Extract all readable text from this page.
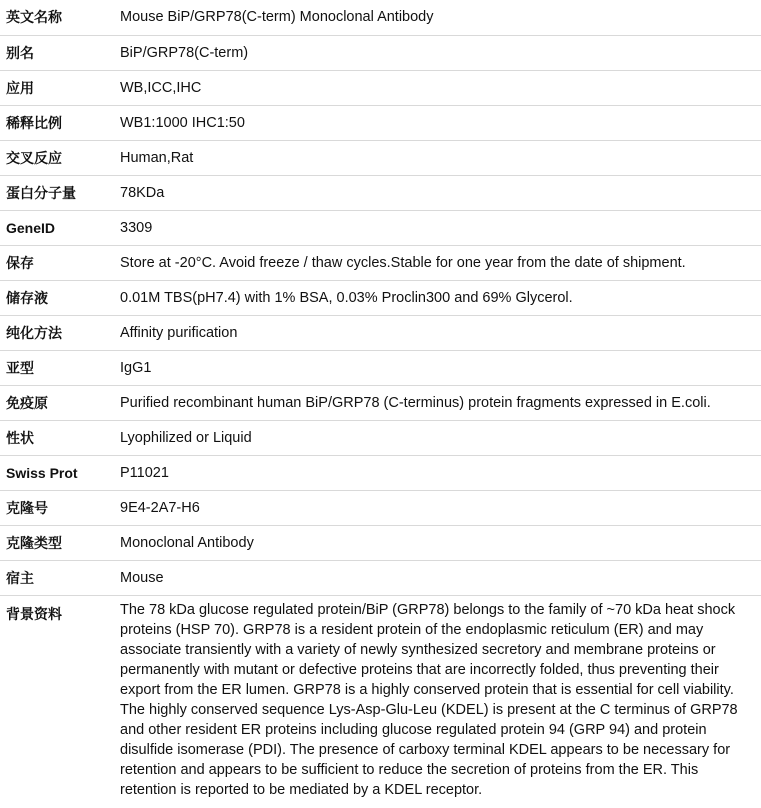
英文名称	Mouse BiP/GRP78(C-term) Monoclonal Antibody
别名	BiP/GRP78(C-term)
应用	WB,ICC,IHC
稀释比例	WB1:1000 IHC1:50
交叉反应	Human,Rat
蛋白分子量	78KDa
GeneID	3309
保存	Store at -20°C. Avoid freeze / thaw cycles.Stable for one year from the date of shipment.
储存液	0.01M TBS(pH7.4) with 1% BSA, 0.03% Proclin300 and 69% Glycerol.
纯化方法	Affinity purification
亚型	IgG1
免疫原	Purified recombinant human BiP/GRP78 (C-terminus) protein fragments expressed in E.coli.
性状	Lyophilized or Liquid
Swiss Prot	P11021
克隆号	9E4-2A7-H6
克隆类型	Monoclonal Antibody
宿主	Mouse
背景资料	The 78 kDa glucose regulated protein/BiP (GRP78) belongs to the family of ~70 kDa heat shock proteins (HSP 70). GRP78 is a resident protein of the endoplasmic reticulum (ER) and may associate transiently with a variety of newly synthesized secretory and membrane proteins or permanently with mutant or defective proteins that are incorrectly folded, thus preventing their export from the ER lumen. GRP78 is a highly conserved protein that is essential for cell viability. The highly conserved sequence Lys-Asp-Glu-Leu (KDEL) is present at the C terminus of GRP78 and other resident ER proteins including glucose regulated protein 94 (GRP 94) and protein disulfide isomerase (PDI). The presence of carboxy terminal KDEL appears to be necessary for retention and appears to be sufficient to reduce the secretion of proteins from the ER. This retention is reported to be mediated by a KDEL receptor.
